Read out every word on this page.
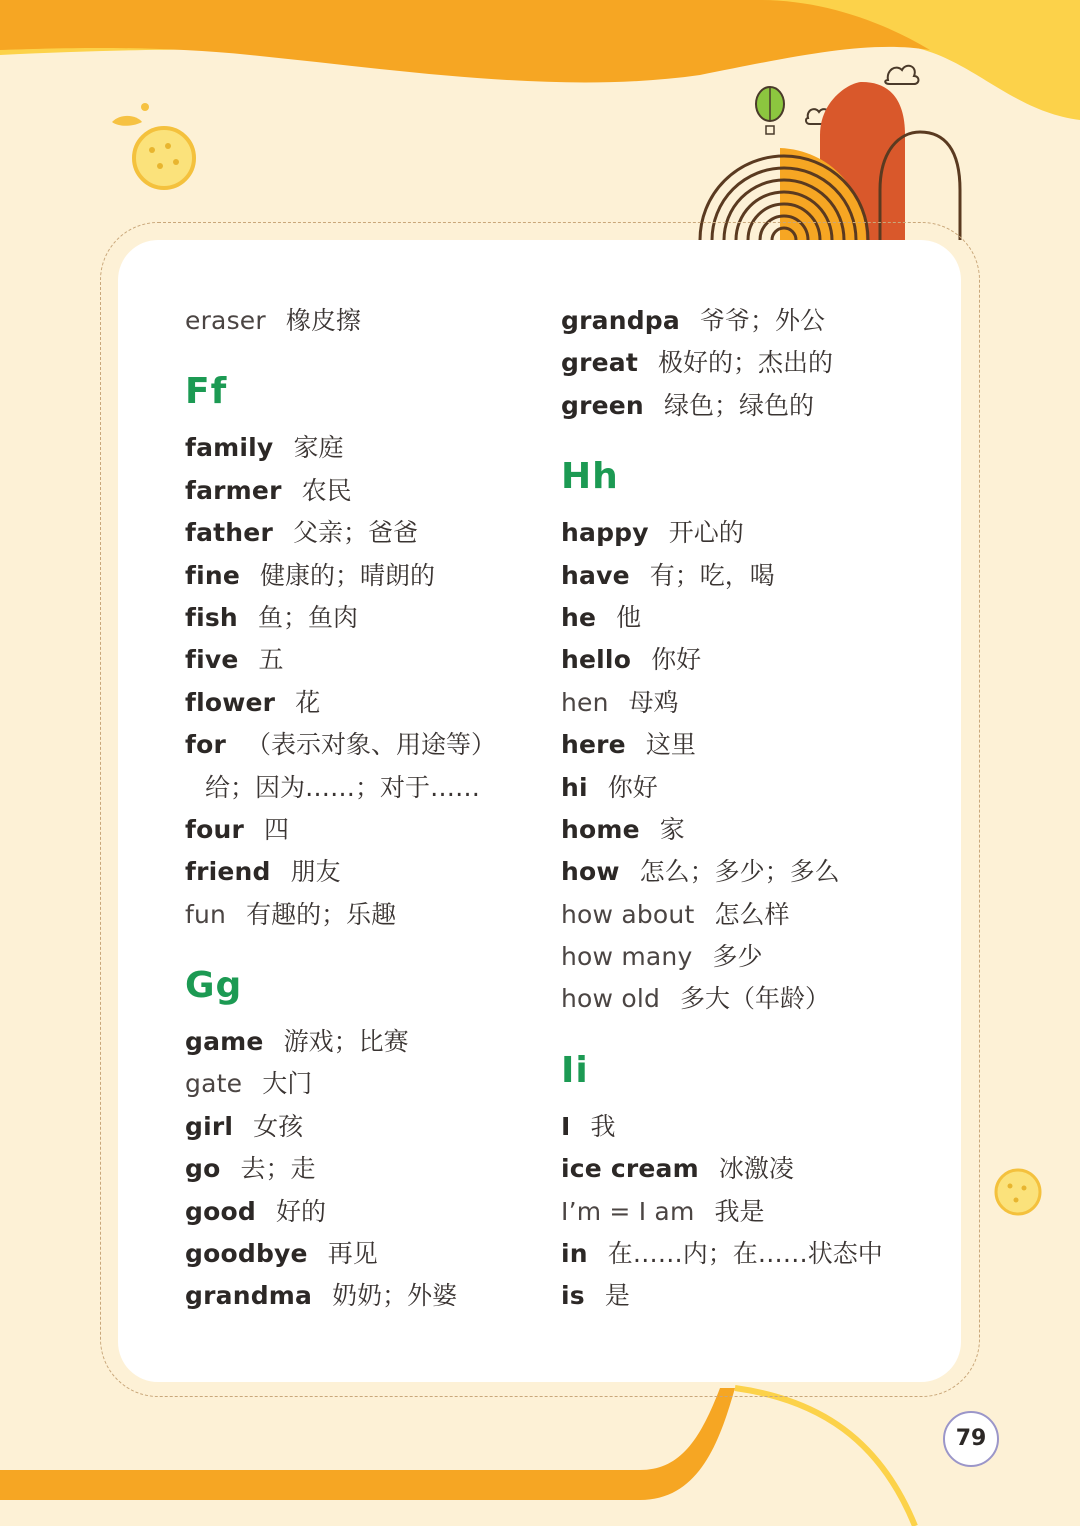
eraser 橡皮擦
Ff
family 家庭
farmer 农民
father 父亲；爸爸
fine 健康的；晴朗的
fish 鱼；鱼肉
five 五
flower 花
for （表示对象、用途等）
给；因为……；对于……
four 四
friend 朋友
fun 有趣的；乐趣
Gg
game 游戏；比赛
gate 大门
girl 女孩
go 去；走
good 好的
goodbye 再见
grandma 奶奶；外婆
grandpa 爷爷；外公
great 极好的；杰出的
green 绿色；绿色的
Hh
happy 开心的
have 有；吃，喝
he 他
hello 你好
hen 母鸡
here 这里
hi 你好
home 家
how 怎么；多少；多么
how about 怎么样
how many 多少
how old 多大（年龄）
Ii
I 我
ice cream 冰激凌
I’m = I am 我是
in 在……内；在……状态中
is 是
79
